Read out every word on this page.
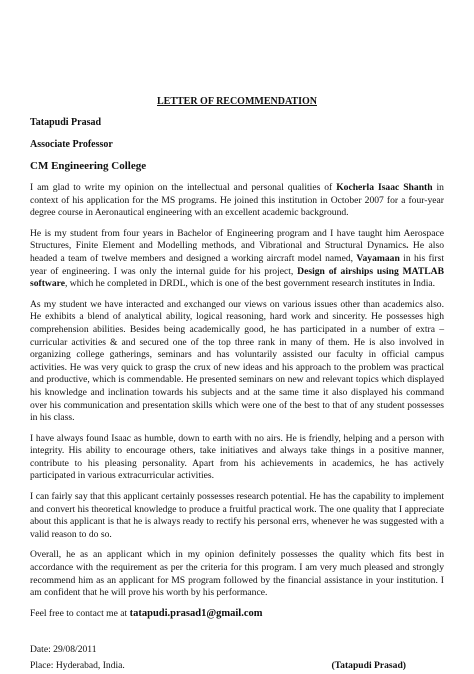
LETTER OF RECOMMENDATION

Tatapudi Prasad

Associate Professor

CM Engineering College

I am glad to write my opinion on the intellectual and personal qualities of Kocherla Isaac Shanth in context of his application for the MS programs. He joined this institution in October 2007 for a four-year degree course in Aeronautical engineering with an excellent academic background.

He is my student from four years in Bachelor of Engineering program and I have taught him Aerospace Structures, Finite Element and Modelling methods, and Vibrational and Structural Dynamics. He also headed a team of twelve members and designed a working aircraft model named, Vayamaan in his first year of engineering. I was only the internal guide for his project, Design of airships using MATLAB software, which he completed in DRDL, which is one of the best government research institutes in India.

As my student we have interacted and exchanged our views on various issues other than academics also. He exhibits a blend of analytical ability, logical reasoning, hard work and sincerity. He possesses high comprehension abilities. Besides being academically good, he has participated in a number of extra – curricular activities & and secured one of the top three rank in many of them. He is also involved in organizing college gatherings, seminars and has voluntarily assisted our faculty in official campus activities. He was very quick to grasp the crux of new ideas and his approach to the problem was practical and productive, which is commendable. He presented seminars on new and relevant topics which displayed his knowledge and inclination towards his subjects and at the same time it also displayed his command over his communication and presentation skills which were one of the best to that of any student possesses in his class.

I have always found Isaac as humble, down to earth with no airs. He is friendly, helping and a person with integrity. His ability to encourage others, take initiatives and always take things in a positive manner, contribute to his pleasing personality. Apart from his achievements in academics, he has actively participated in various extracurricular activities.

I can fairly say that this applicant certainly possesses research potential. He has the capability to implement and convert his theoretical knowledge to produce a fruitful practical work. The one quality that I appreciate about this applicant is that he is always ready to rectify his personal errs, whenever he was suggested with a valid reason to do so.

Overall, he as an applicant which in my opinion definitely possesses the quality which fits best in accordance with the requirement as per the criteria for this program. I am very much pleased and strongly recommend him as an applicant for MS program followed by the financial assistance in your institution. I am confident that he will prove his worth by his performance.

Feel free to contact me at tatapudi.prasad1@gmail.com

Date: 29/08/2011
Place: Hyderabad, India.	(Tatapudi Prasad)
